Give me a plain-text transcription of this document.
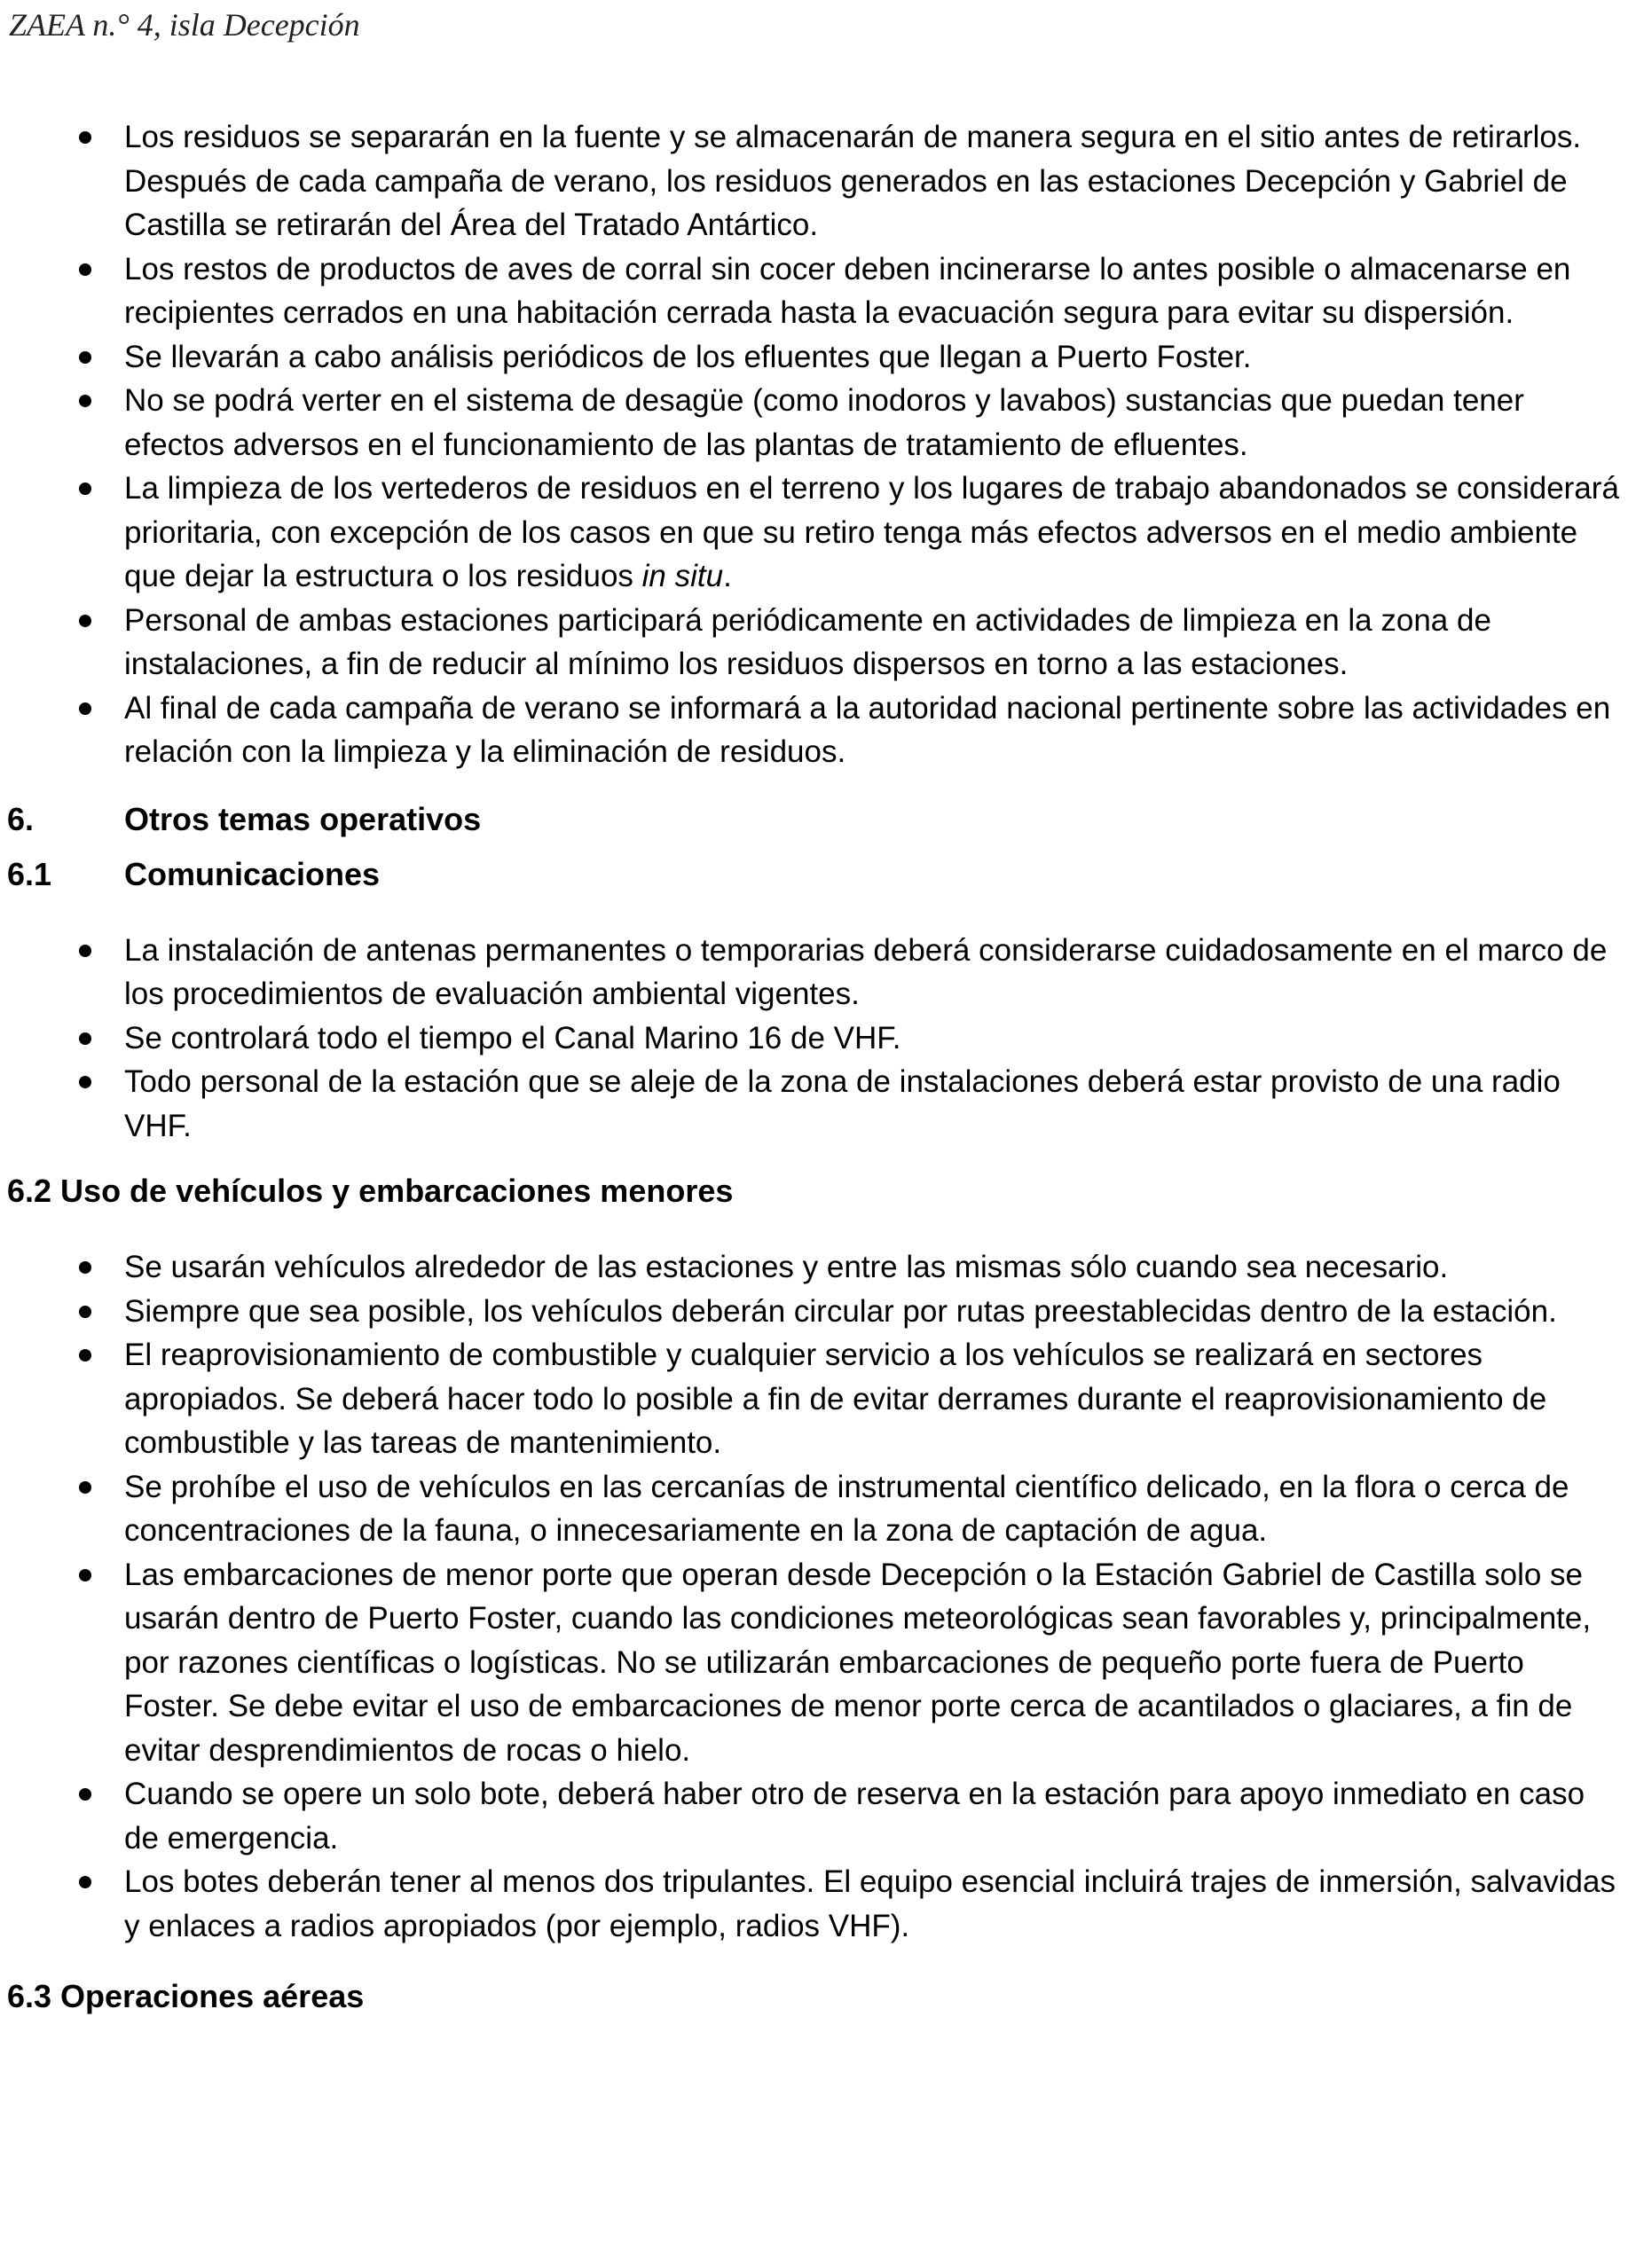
ZAEA n.° 4, isla Decepción
Los residuos se separarán en la fuente y se almacenarán de manera segura en el sitio antes de retirarlos. Después de cada campaña de verano, los residuos generados en las estaciones Decepción y Gabriel de Castilla se retirarán del Área del Tratado Antártico.
Los restos de productos de aves de corral sin cocer deben incinerarse lo antes posible o almacenarse en recipientes cerrados en una habitación cerrada hasta la evacuación segura para evitar su dispersión.
Se llevarán a cabo análisis periódicos de los efluentes que llegan a Puerto Foster.
No se podrá verter en el sistema de desagüe (como inodoros y lavabos) sustancias que puedan tener efectos adversos en el funcionamiento de las plantas de tratamiento de efluentes.
La limpieza de los vertederos de residuos en el terreno y los lugares de trabajo abandonados se considerará prioritaria, con excepción de los casos en que su retiro tenga más efectos adversos en el medio ambiente que dejar la estructura o los residuos in situ.
Personal de ambas estaciones participará periódicamente en actividades de limpieza en la zona de instalaciones, a fin de reducir al mínimo los residuos dispersos en torno a las estaciones.
Al final de cada campaña de verano se informará a la autoridad nacional pertinente sobre las actividades en relación con la limpieza y la eliminación de residuos.
6.	Otros temas operativos
6.1 Comunicaciones
La instalación de antenas permanentes o temporarias deberá considerarse cuidadosamente en el marco de los procedimientos de evaluación ambiental vigentes.
Se controlará todo el tiempo el Canal Marino 16 de VHF.
Todo personal de la estación que se aleje de la zona de instalaciones deberá estar provisto de una radio VHF.
6.2 Uso de vehículos y embarcaciones menores
Se usarán vehículos alrededor de las estaciones y entre las mismas sólo cuando sea necesario.
Siempre que sea posible, los vehículos deberán circular por rutas preestablecidas dentro de la estación.
El reaprovisionamiento de combustible y cualquier servicio a los vehículos se realizará en sectores apropiados. Se deberá hacer todo lo posible a fin de evitar derrames durante el reaprovisionamiento de combustible y las tareas de mantenimiento.
Se prohíbe el uso de vehículos en las cercanías de instrumental científico delicado, en la flora o cerca de concentraciones de la fauna, o innecesariamente en la zona de captación de agua.
Las embarcaciones de menor porte que operan desde Decepción o la Estación Gabriel de Castilla solo se usarán dentro de Puerto Foster, cuando las condiciones meteorológicas sean favorables y, principalmente, por razones científicas o logísticas. No se utilizarán embarcaciones de pequeño porte fuera de Puerto Foster. Se debe evitar el uso de embarcaciones de menor porte cerca de acantilados o glaciares, a fin de evitar desprendimientos de rocas o hielo.
Cuando se opere un solo bote, deberá haber otro de reserva en la estación para apoyo inmediato en caso de emergencia.
Los botes deberán tener al menos dos tripulantes. El equipo esencial incluirá trajes de inmersión, salvavidas y enlaces a radios apropiados (por ejemplo, radios VHF).
6.3 Operaciones aéreas
